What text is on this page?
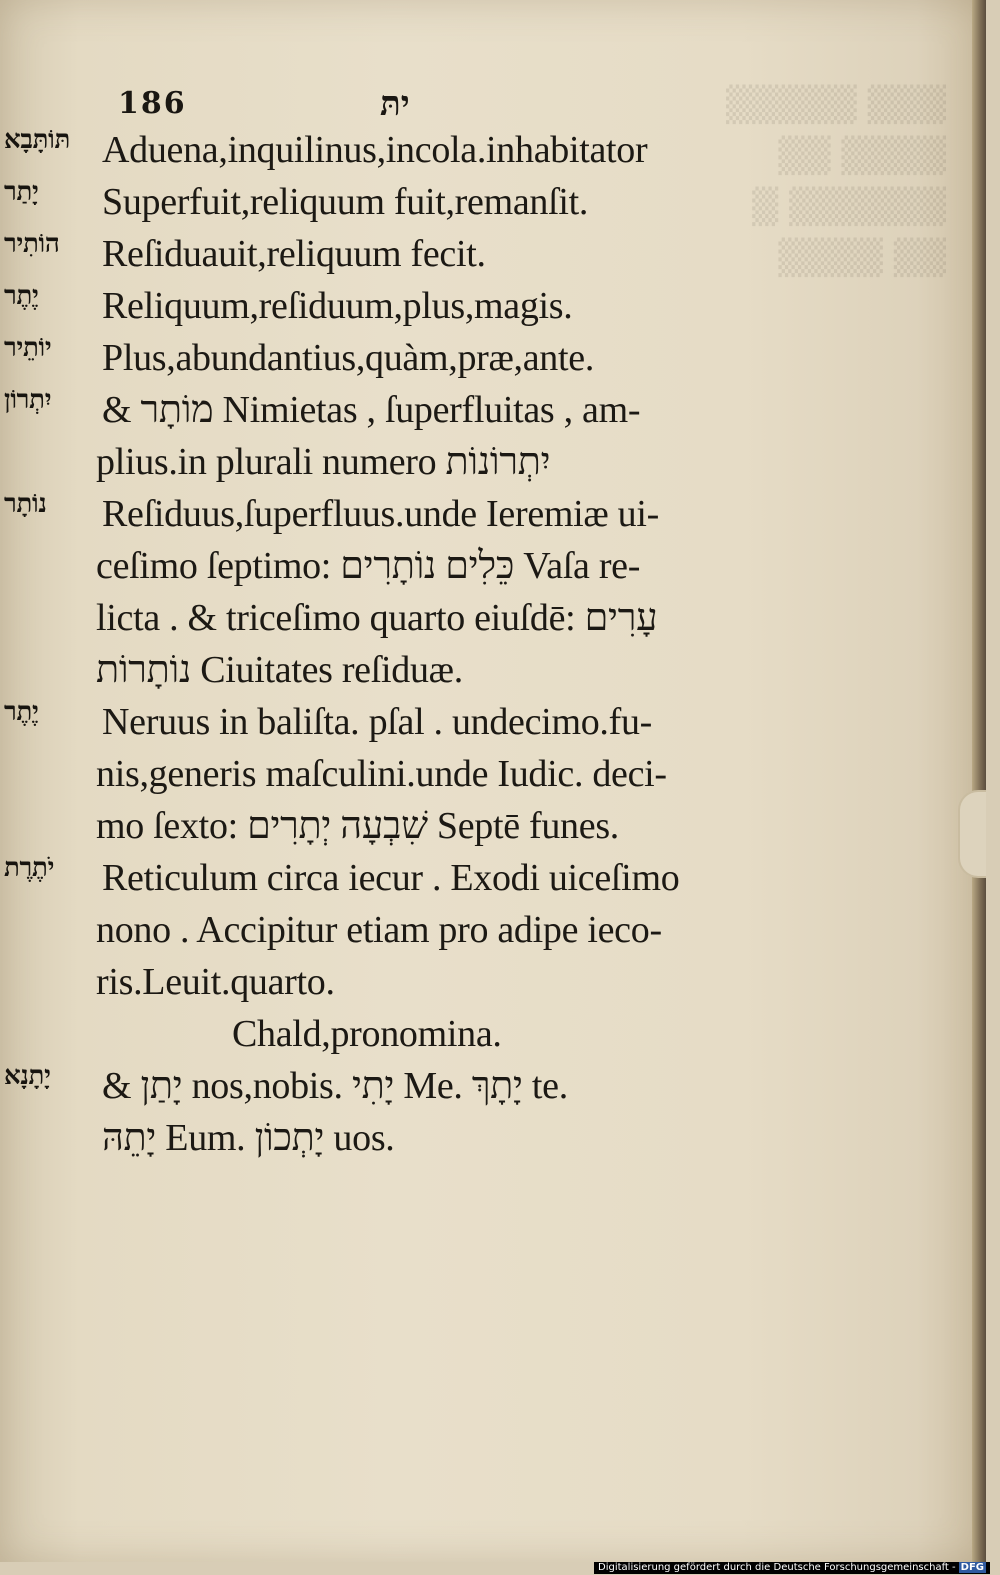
▒▒▒ ▒▒▒▒▒
▒▒▒▒ ▒▒
▒▒▒▒▒▒ ▒
▒▒ ▒▒▒▒
186	יתּ
תּוֹתָּבָא Aduena,inquilinus,incola.inhabitator
יָתַר Superfuit,reliquum fuit,remanſit.
הוֹתִיר Reſiduauit,reliquum fecit.
יֶתֶר Reliquum,reſiduum,plus,magis.
יוֹתֵיר Plus,abundantius,quàm,præ,ante.
יִתְרוֹן & מוֹתָר Nimietas , ſuperfluitas , am-
plius.in plurali numero יִתְרוֹנוֹת
נוֹתָר Reſiduus,ſuperfluus.unde Ieremiæ ui-
ceſimo ſeptimo: כֵּלִים נוֹתָרִים Vaſa re-
licta . & triceſimo quarto eiuſdē: עָרִים
נוֹתָרוֹת Ciuitates reſiduæ.
יֶתֶר Neruus in baliſta. pſal . undecimo.fu-
nis,generis maſculini.unde Iudic. deci-
mo ſexto: שִׁבְעָה יְתָרִים Septē funes.
יֹתֶרֶת Reticulum circa iecur . Exodi uiceſimo
nono . Accipitur etiam pro adipe ieco-
ris.Leuit.quarto.
Chald,pronomina.
יָתָנָא & יָתַן nos,nobis. יָתִי Me. יָתָךְ te.
יָתֵהּ Eum. יָתְכוֹן uos.
Digitalisierung gefördert durch die Deutsche Forschungsgemeinschaft - DFG
